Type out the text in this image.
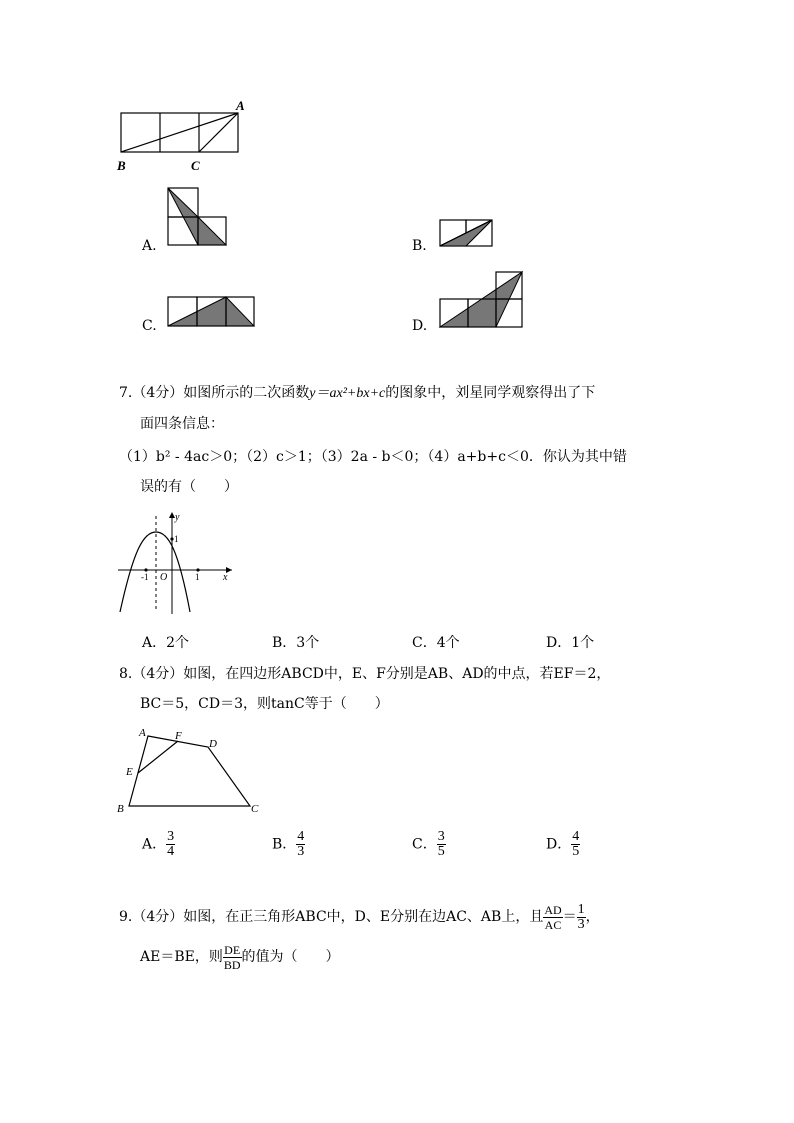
A
B	C
A.	B.
C.	D.
7.（4分）如图所示的二次函数y＝ax²+bx+c的图象中，刘星同学观察得出了下
面四条信息：
（1）b² - 4ac＞0；（2）c＞1；（3）2a - b＜0；（4）a+b+c＜0．你认为其中错
误的有（　　）
y
x
O
1
-1	1
A．2个	B．3个	C．4个	D．1个
8.（4分）如图，在四边形ABCD中，E、F分别是AB、AD的中点，若EF＝2，
BC＝5，CD＝3，则tanC等于（　　）
A	F
D
E
B	C
A． $\frac{3}{4}$	B． $\frac{4}{3}$	C． $\frac{3}{5}$	D． $\frac{4}{5}$
9.（4分）如图，在正三角形ABC中，D、E分别在边AC、AB上，且 $\frac{AD}{AC} = \frac{1}{3}$ ，
AE＝BE，则 $\frac{DE}{BD}$ 的值为（　　）
